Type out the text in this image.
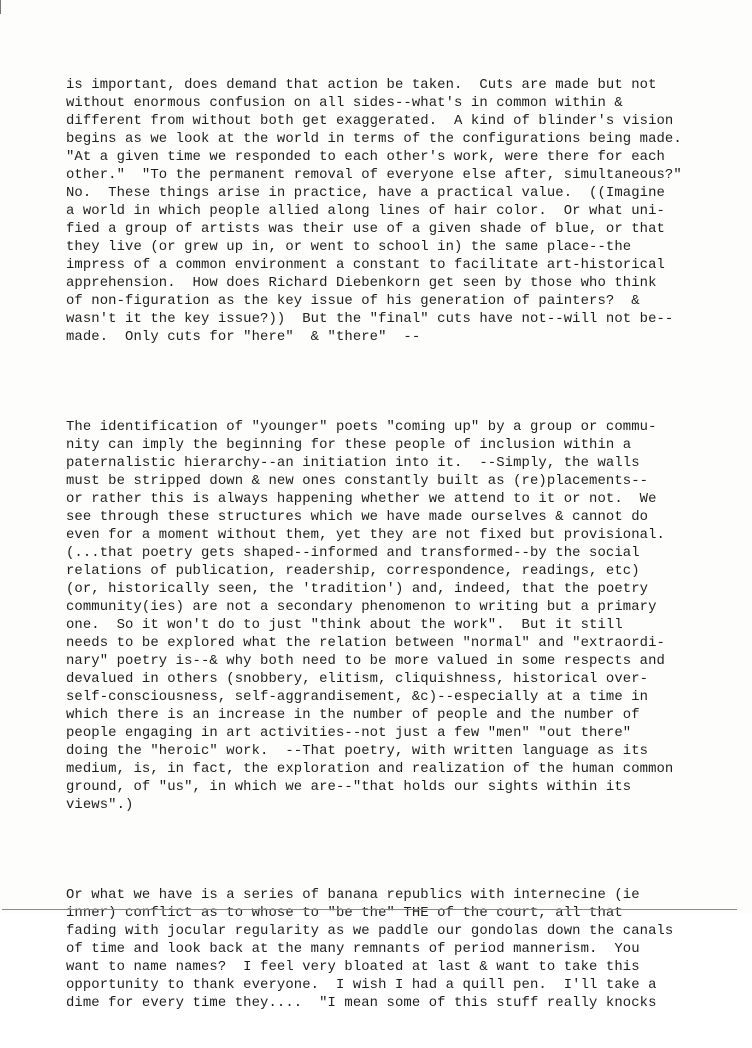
is important, does demand that action be taken.  Cuts are made but not
without enormous confusion on all sides--what's in common within &
different from without both get exaggerated.  A kind of blinder's vision
begins as we look at the world in terms of the configurations being made.
"At a given time we responded to each other's work, were there for each
other."  "To the permanent removal of everyone else after, simultaneous?"
No.  These things arise in practice, have a practical value.  ((Imagine
a world in which people allied along lines of hair color.  Or what uni-
fied a group of artists was their use of a given shade of blue, or that
they live (or grew up in, or went to school in) the same place--the
impress of a common environment a constant to facilitate art-historical
apprehension.  How does Richard Diebenkorn get seen by those who think
of non-figuration as the key issue of his generation of painters?  &
wasn't it the key issue?))  But the "final" cuts have not--will not be--
made.  Only cuts for "here"  & "there"  --

The identification of "younger" poets "coming up" by a group or commu-
nity can imply the beginning for these people of inclusion within a
paternalistic hierarchy--an initiation into it.  --Simply, the walls
must be stripped down & new ones constantly built as (re)placements--
or rather this is always happening whether we attend to it or not.  We
see through these structures which we have made ourselves & cannot do
even for a moment without them, yet they are not fixed but provisional.
(...that poetry gets shaped--informed and transformed--by the social
relations of publication, readership, correspondence, readings, etc)
(or, historically seen, the 'tradition') and, indeed, that the poetry
community(ies) are not a secondary phenomenon to writing but a primary
one.  So it won't do to just "think about the work".  But it still
needs to be explored what the relation between "normal" and "extraordi-
nary" poetry is--& why both need to be more valued in some respects and
devalued in others (snobbery, elitism, cliquishness, historical over-
self-consciousness, self-aggrandisement, &c)--especially at a time in
which there is an increase in the number of people and the number of
people engaging in art activities--not just a few "men" "out there"
doing the "heroic" work.  --That poetry, with written language as its
medium, is, in fact, the exploration and realization of the human common
ground, of "us", in which we are--"that holds our sights within its
views".)

Or what we have is a series of banana republics with internecine (ie
inner) conflict as to whose to "be the" THE of the court, all that
fading with jocular regularity as we paddle our gondolas down the canals
of time and look back at the many remnants of period mannerism.  You
want to name names?  I feel very bloated at last & want to take this
opportunity to thank everyone.  I wish I had a quill pen.  I'll take a
dime for every time they....  "I mean some of this stuff really knocks
